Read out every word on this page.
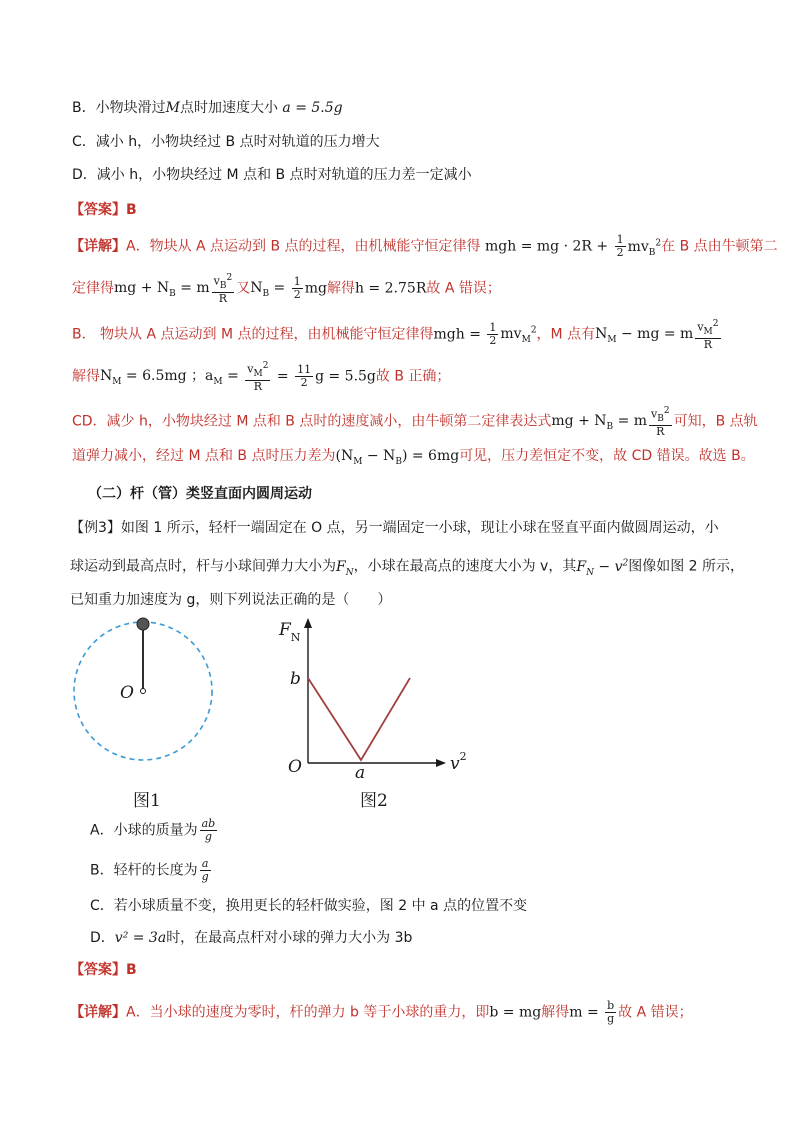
B．小物块滑过M点时加速度大小 a = 5.5g
C．减小 h，小物块经过 B 点时对轨道的压力增大
D．减小 h，小物块经过 M 点和 B 点时对轨道的压力差一定减小
【答案】B
【详解】A．物块从 A 点运动到 B 点的过程，由机械能守恒定律得 mgh = mg · $2R + \frac{1}{2} mv_B^2$在 B 点由牛顿第二
定律得mg + $N_B = m \frac{v_B^2}{R}$ 又$N_B = \frac{1}{2}$ mg解得h = 2.75R故 A 错误；
B． 物块从 A 点运动到 M 点的过程，由机械能守恒定律得mgh = $\frac{1}{2} mv_M^2$，M 点有$N_M$ − mg = m $\frac{v_M^2}{R}$
解得$N_M = 6.5mg$ ；$a_M = \frac{v_M^2}{R} = \frac{11}{2}$ g = 5.5g故 B 正确；
CD．减少 h，小物块经过 M 点和 B 点时的速度减小，由牛顿第二定律表达式mg + $N_B = m \frac{v_B^2}{R}$ 可知，B 点轨
道弹力减小，经过 M 点和 B 点时压力差为$(N_M - N_B) = 6mg$可见，压力差恒定不变，故 CD 错误。故选 B。
（二）杆（管）类竖直面内圆周运动
【例3】如图 1 所示，轻杆一端固定在 O 点，另一端固定一小球，现让小球在竖直平面内做圆周运动，小
球运动到最高点时，杆与小球间弹力大小为$F_N$，小球在最高点的速度大小为 v，其$F_N - v^2$图像如图 2 所示，
已知重力加速度为 g，则下列说法正确的是（　　）
O
图1
$F_N$
b
O	a	$v^2$
图2
A．小球的质量为 $\frac{ab}{g}$
B．轻杆的长度为 $\frac{a}{g}$
C．若小球质量不变，换用更长的轻杆做实验，图 2 中 a 点的位置不变
D．v² = 3a时，在最高点杆对小球的弹力大小为 3b
【答案】B
【详解】A．当小球的速度为零时，杆的弹力 b 等于小球的重力，即b = mg解得$m = \frac{b}{g}$ 故 A 错误；
